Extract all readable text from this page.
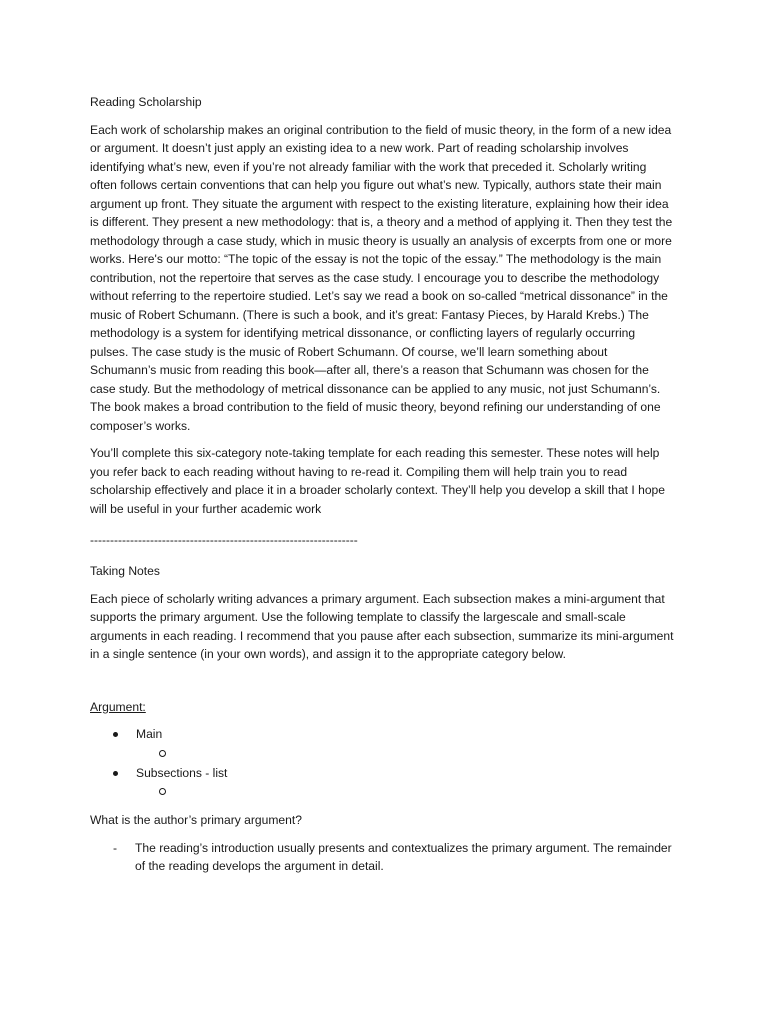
Reading Scholarship

Each work of scholarship makes an original contribution to the field of music theory, in the form of a new idea or argument. It doesn’t just apply an existing idea to a new work. Part of reading scholarship involves identifying what’s new, even if you’re not already familiar with the work that preceded it. Scholarly writing often follows certain conventions that can help you figure out what’s new. Typically, authors state their main argument up front. They situate the argument with respect to the existing literature, explaining how their idea is different. They present a new methodology: that is, a theory and a method of applying it. Then they test the methodology through a case study, which in music theory is usually an analysis of excerpts from one or more works. Here's our motto: “The topic of the essay is not the topic of the essay.” The methodology is the main contribution, not the repertoire that serves as the case study. I encourage you to describe the methodology without referring to the repertoire studied. Let’s say we read a book on so-called “metrical dissonance” in the music of Robert Schumann. (There is such a book, and it’s great: Fantasy Pieces, by Harald Krebs.) The methodology is a system for identifying metrical dissonance, or conflicting layers of regularly occurring pulses. The case study is the music of Robert Schumann. Of course, we’ll learn something about Schumann’s music from reading this book—after all, there’s a reason that Schumann was chosen for the case study. But the methodology of metrical dissonance can be applied to any music, not just Schumann’s. The book makes a broad contribution to the field of music theory, beyond refining our understanding of one composer’s works.

You’ll complete this six-category note-taking template for each reading this semester. These notes will help you refer back to each reading without having to re-read it. Compiling them will help train you to read scholarship effectively and place it in a broader scholarly context. They’ll help you develop a skill that I hope will be useful in your further academic work

-------------------------------------------------------------------

Taking Notes

Each piece of scholarly writing advances a primary argument. Each subsection makes a mini-argument that supports the primary argument. Use the following template to classify the largescale and small-scale arguments in each reading. I recommend that you pause after each subsection, summarize its mini-argument in a single sentence (in your own words), and assign it to the appropriate category below.

Argument:

Main
Subsections - list

What is the author’s primary argument?

- The reading’s introduction usually presents and contextualizes the primary argument. The remainder of the reading develops the argument in detail.
